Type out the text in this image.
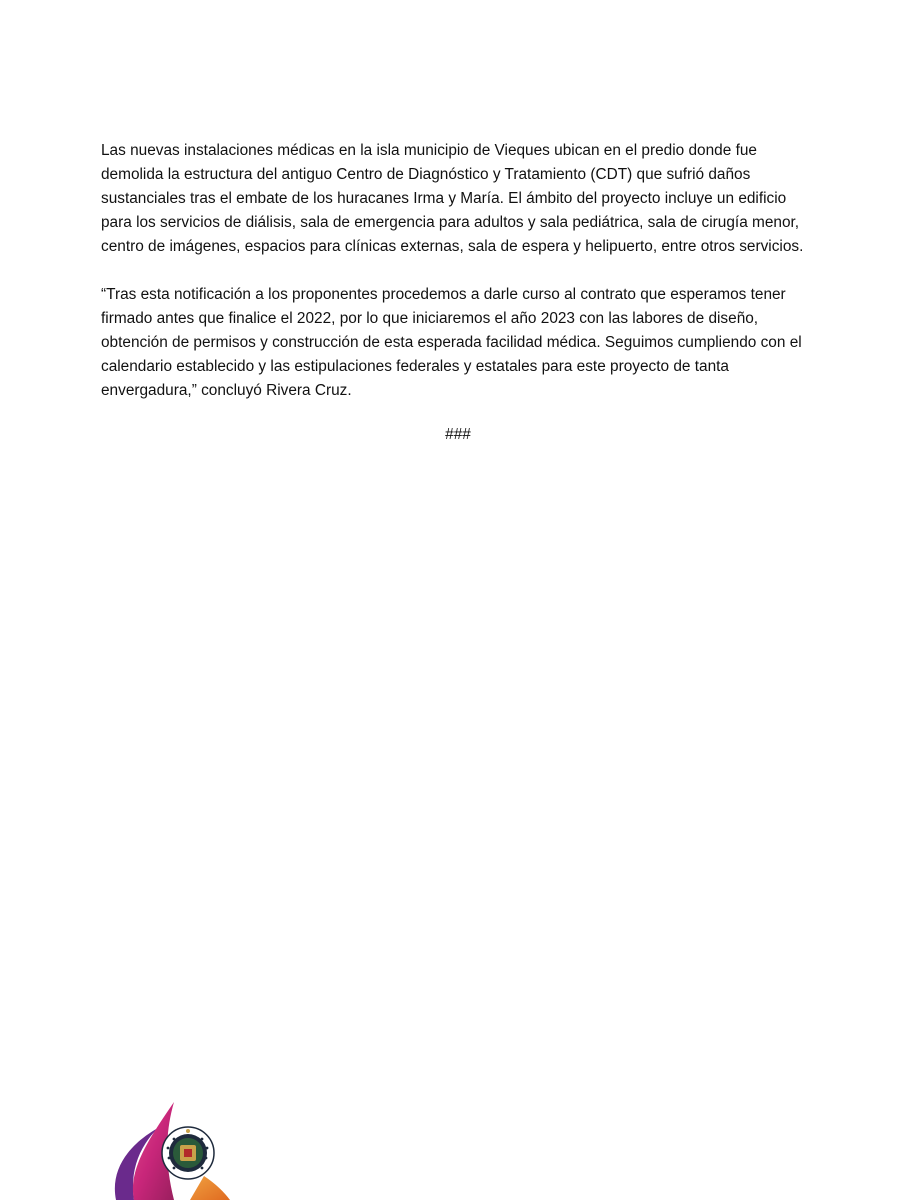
Las nuevas instalaciones médicas en la isla municipio de Vieques ubican en el predio donde fue demolida la estructura del antiguo Centro de Diagnóstico y Tratamiento (CDT) que sufrió daños sustanciales tras el embate de los huracanes Irma y María. El ámbito del proyecto incluye un edificio para los servicios de diálisis, sala de emergencia para adultos y sala pediátrica, sala de cirugía menor, centro de imágenes, espacios para clínicas externas, sala de espera y helipuerto, entre otros servicios.

“Tras esta notificación a los proponentes procedemos a darle curso al contrato que esperamos tener firmado antes que finalice el 2022, por lo que iniciaremos el año 2023 con las labores de diseño, obtención de permisos y construcción de esta esperada facilidad médica. Seguimos cumpliendo con el calendario establecido y las estipulaciones federales y estatales para este proyecto de tanta envergadura,” concluyó Rivera Cruz.

###
